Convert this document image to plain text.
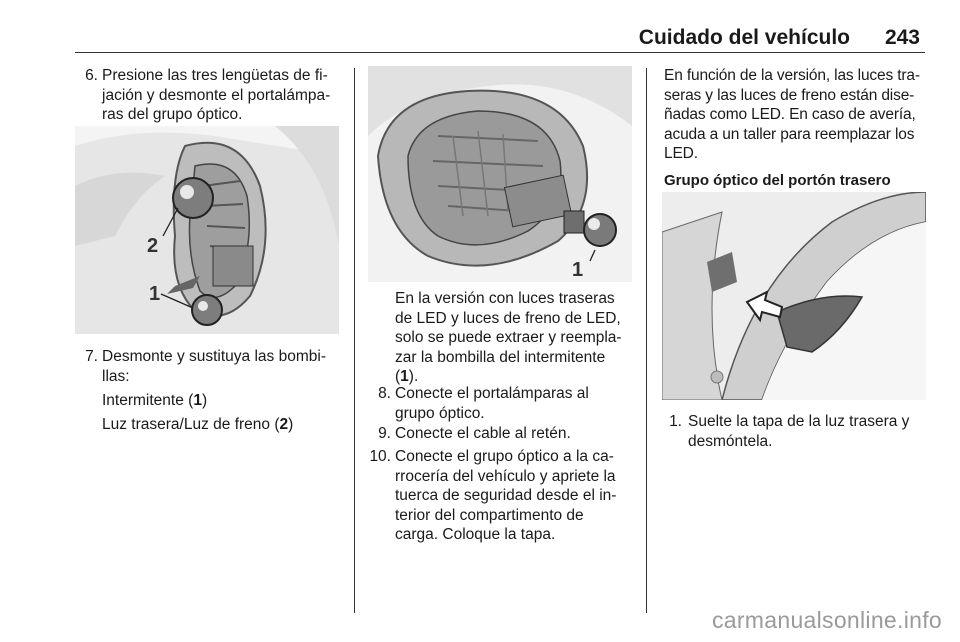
Cuidado del vehículo 243
6. Presione las tres lengüetas de fi-
jación y desmonte el portalámpa-
ras del grupo óptico.
2
1
7. Desmonte y sustituya las bombi-
llas:
Intermitente (1)
Luz trasera/Luz de freno (2)
1
En la versión con luces traseras
de LED y luces de freno de LED,
solo se puede extraer y reempla-
zar la bombilla del intermitente
(1).
8. Conecte el portalámparas al
grupo óptico.
9. Conecte el cable al retén.
10. Conecte el grupo óptico a la ca-
rrocería del vehículo y apriete la
tuerca de seguridad desde el in-
terior del compartimento de
carga. Coloque la tapa.
En función de la versión, las luces tra-
seras y las luces de freno están dise-
ñadas como LED. En caso de avería,
acuda a un taller para reemplazar los
LED.
Grupo óptico del portón trasero
1. Suelte la tapa de la luz trasera y
desmóntela.
carmanualsonline.info
